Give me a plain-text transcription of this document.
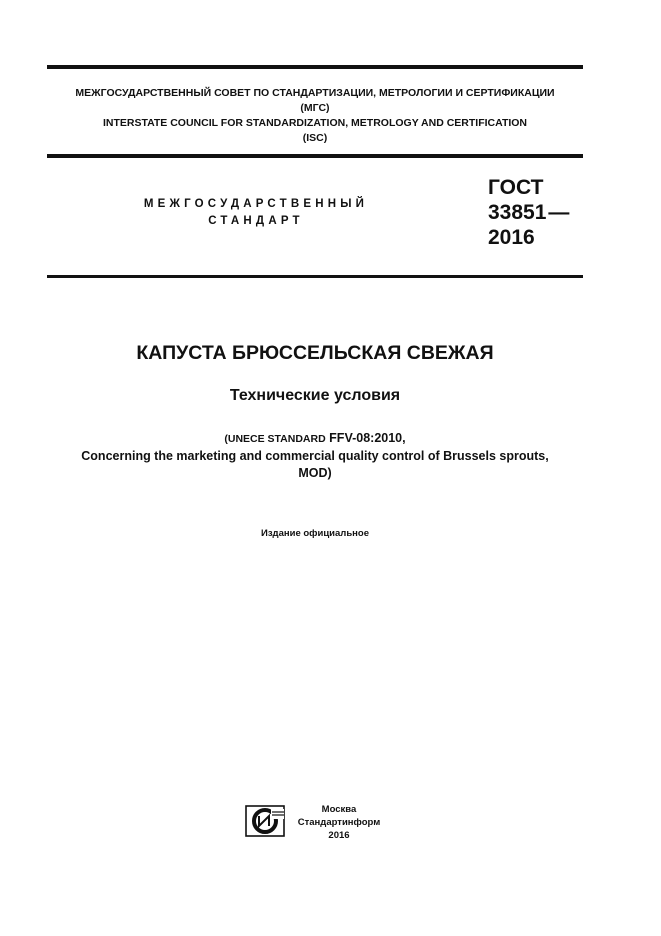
МЕЖГОСУДАРСТВЕННЫЙ СОВЕТ ПО СТАНДАРТИЗАЦИИ, МЕТРОЛОГИИ И СЕРТИФИКАЦИИ
(МГС)
INTERSTATE COUNCIL FOR STANDARDIZATION, METROLOGY AND CERTIFICATION
(ISC)
МЕЖГОСУДАРСТВЕННЫЙ
СТАНДАРТ
ГОСТ
33851—
2016
КАПУСТА БРЮССЕЛЬСКАЯ СВЕЖАЯ
Технические условия
(UNECE STANDARD FFV-08:2010,
Concerning the marketing and commercial quality control of Brussels sprouts,
MOD)
Издание официальное
Москва
Стандартинформ
2016
